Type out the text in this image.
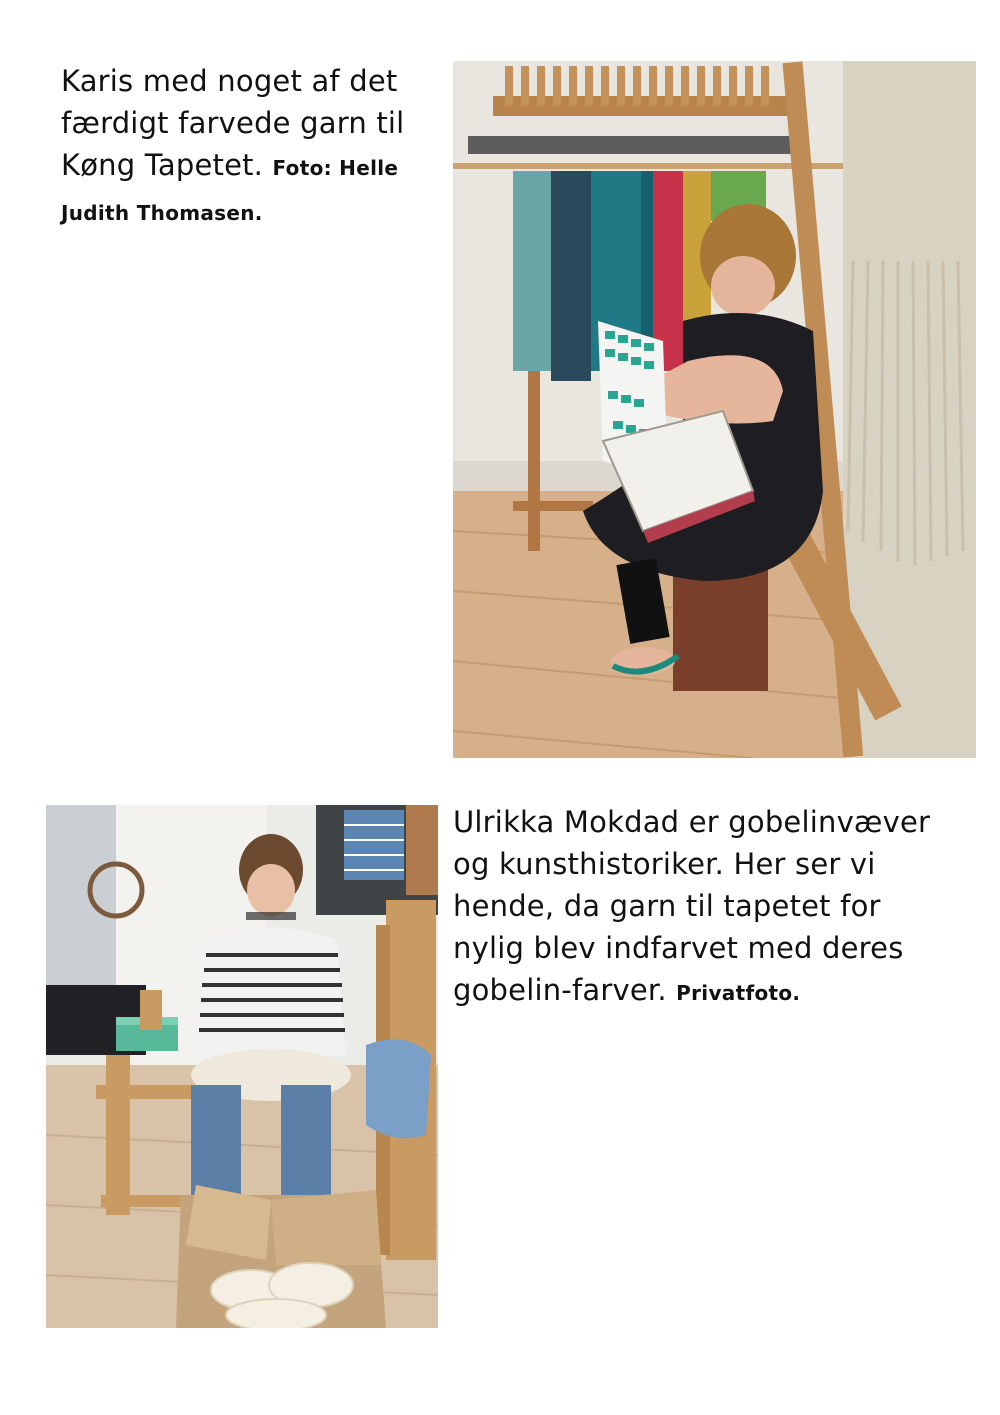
Karis med noget af det færdigt farvede garn til Køng Tapetet. Foto: Helle Judith Thomasen.
Ulrikka Mokdad er gobelinvæver og kunsthistoriker. Her ser vi hende, da garn til tapetet for nylig blev indfarvet med deres gobelin-farver. Privatfoto.
